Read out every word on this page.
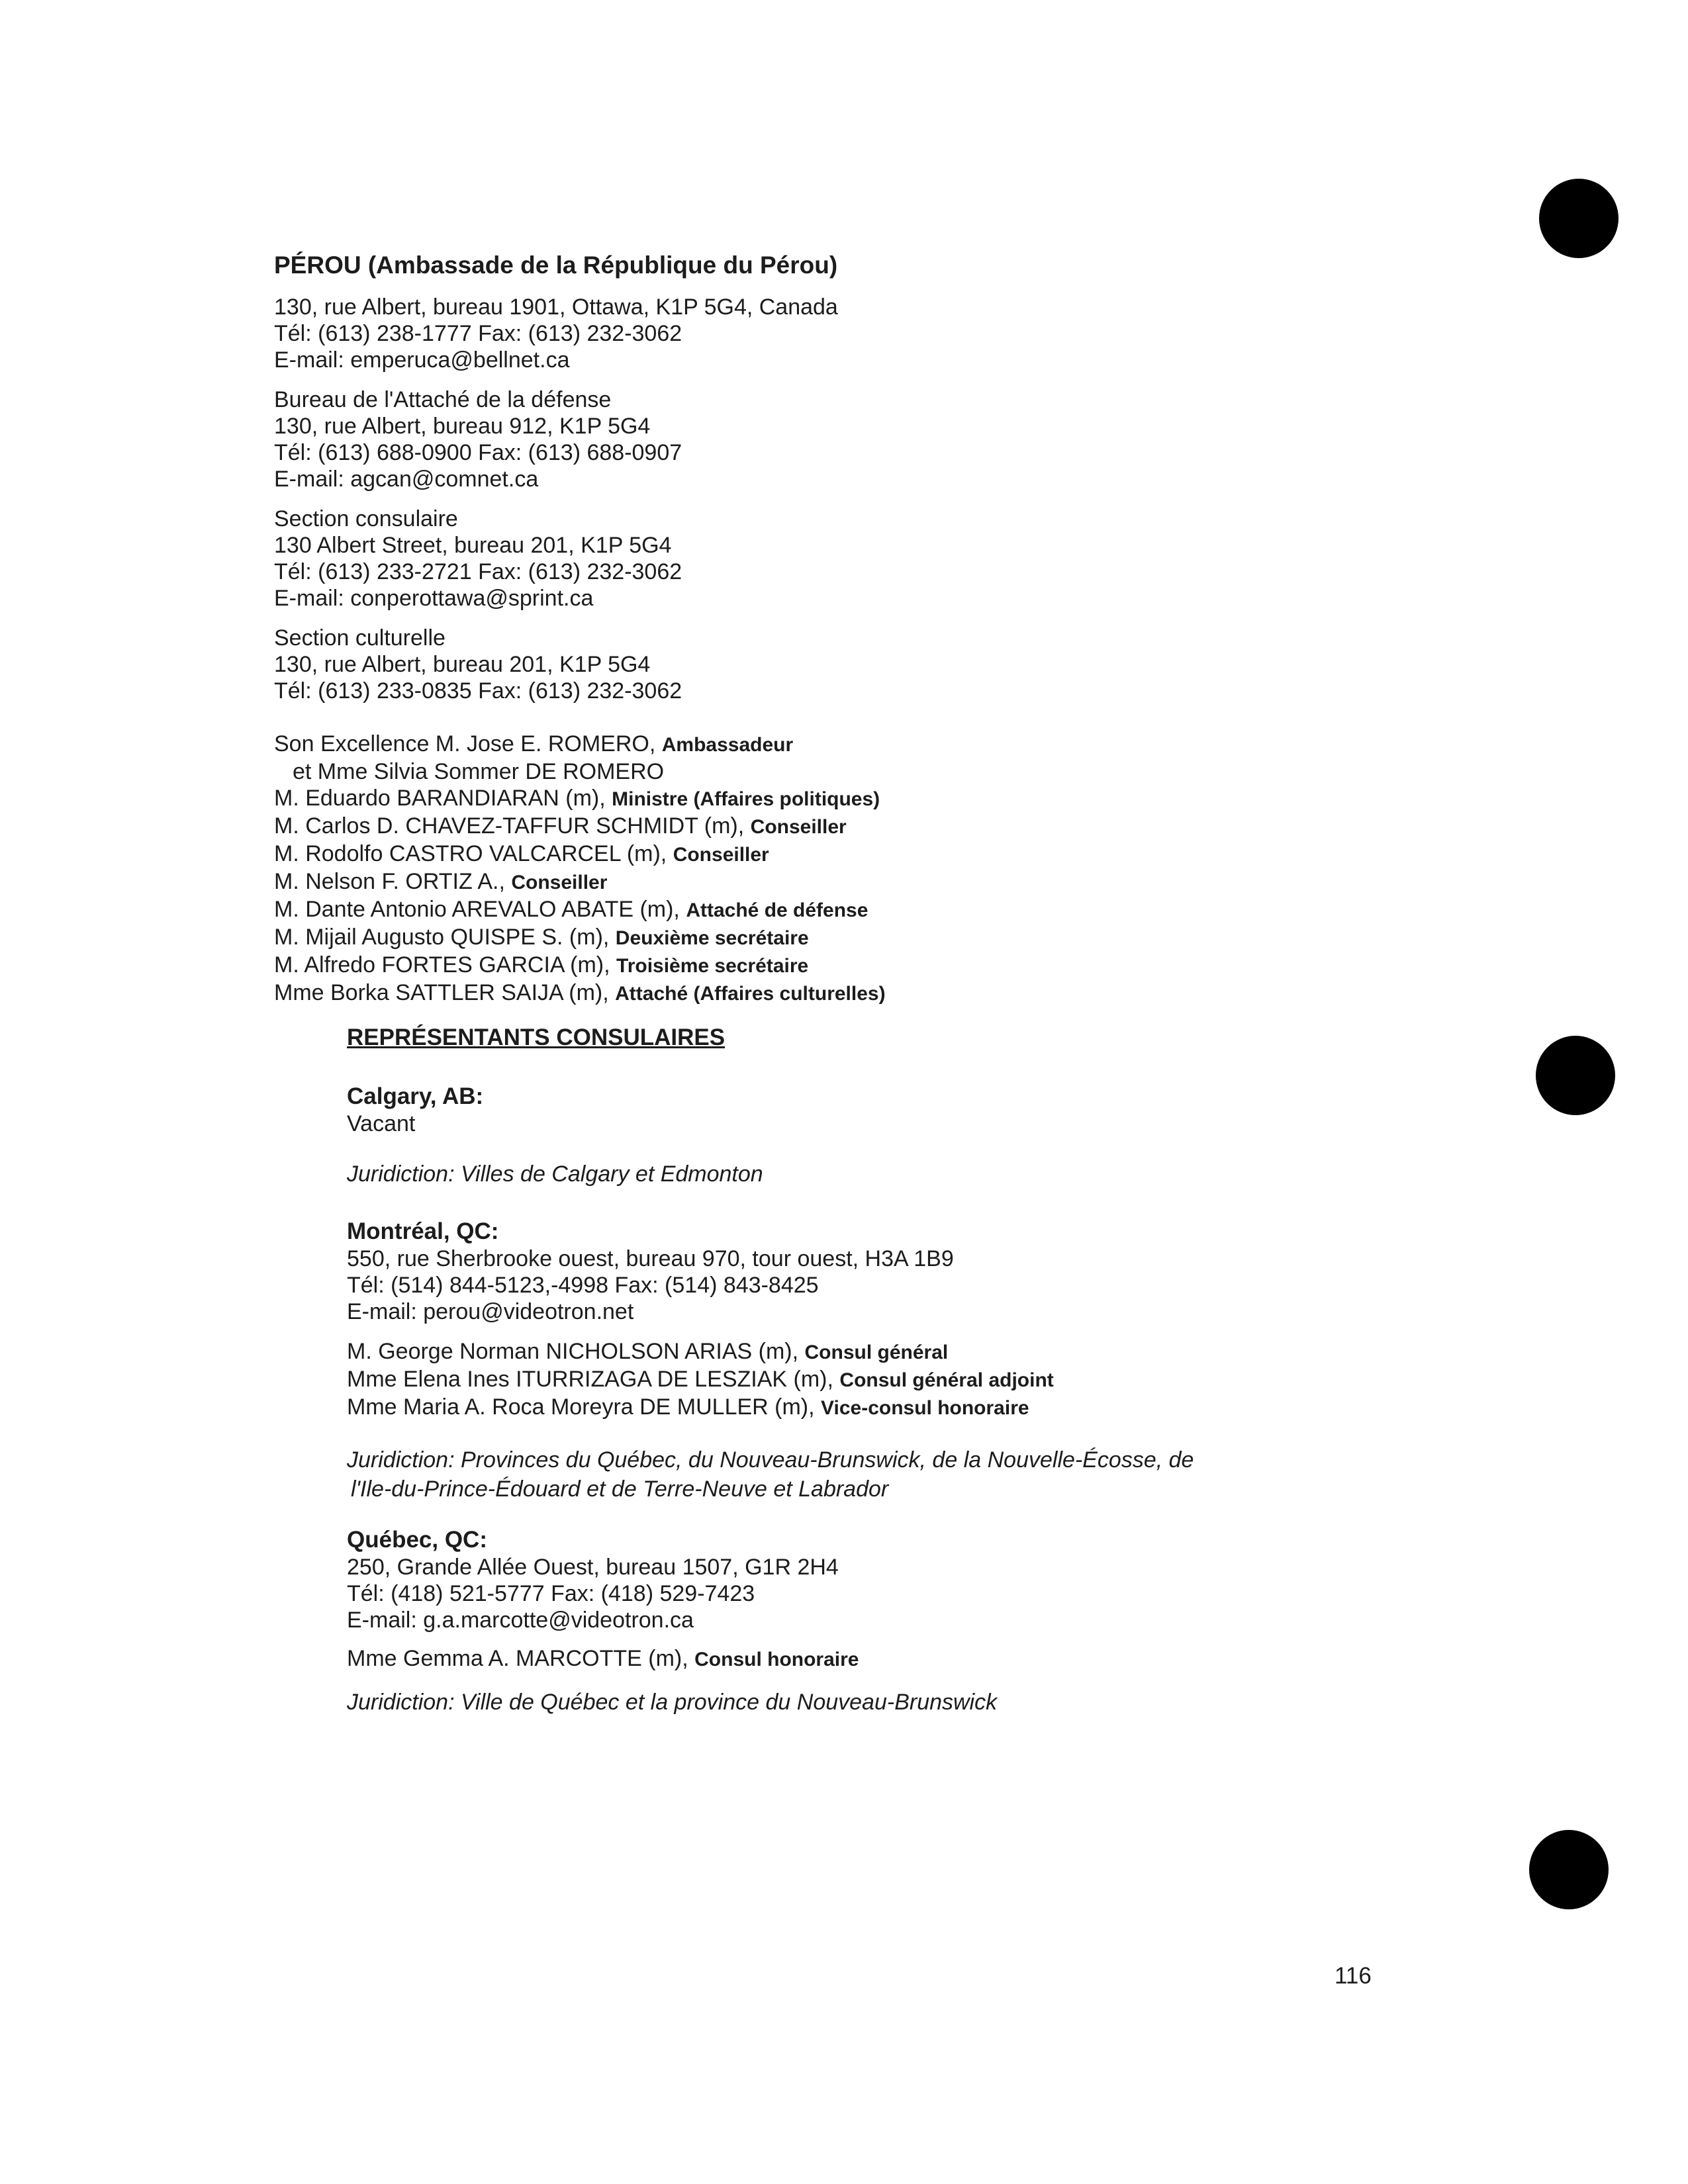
PÉROU (Ambassade de la République du Pérou)
130, rue Albert, bureau 1901, Ottawa, K1P 5G4, Canada
Tél: (613) 238-1777 Fax: (613) 232-3062
E-mail: emperuca@bellnet.ca
Bureau de l'Attaché de la défense
130, rue Albert, bureau 912, K1P 5G4
Tél: (613) 688-0900 Fax: (613) 688-0907
E-mail: agcan@comnet.ca
Section consulaire
130 Albert Street, bureau 201, K1P 5G4
Tél: (613) 233-2721 Fax: (613) 232-3062
E-mail: conperottawa@sprint.ca
Section culturelle
130, rue Albert, bureau 201, K1P 5G4
Tél: (613) 233-0835 Fax: (613) 232-3062
Son Excellence M. Jose E. ROMERO, Ambassadeur
et Mme Silvia Sommer DE ROMERO
M. Eduardo BARANDIARAN (m), Ministre (Affaires politiques)
M. Carlos D. CHAVEZ-TAFFUR SCHMIDT (m), Conseiller
M. Rodolfo CASTRO VALCARCEL (m), Conseiller
M. Nelson F. ORTIZ A., Conseiller
M. Dante Antonio AREVALO ABATE (m), Attaché de défense
M. Mijail Augusto QUISPE S. (m), Deuxième secrétaire
M. Alfredo FORTES GARCIA (m), Troisième secrétaire
Mme Borka SATTLER SAIJA (m), Attaché (Affaires culturelles)
REPRÉSENTANTS CONSULAIRES
Calgary, AB:
Vacant
Juridiction: Villes de Calgary et Edmonton
Montréal, QC:
550, rue Sherbrooke ouest, bureau 970, tour ouest, H3A 1B9
Tél: (514) 844-5123,-4998 Fax: (514) 843-8425
E-mail: perou@videotron.net
M. George Norman NICHOLSON ARIAS (m), Consul général
Mme Elena Ines ITURRIZAGA DE LESZIAK (m), Consul général adjoint
Mme Maria A. Roca Moreyra DE MULLER (m), Vice-consul honoraire
Juridiction: Provinces du Québec, du Nouveau-Brunswick, de la Nouvelle-Écosse, de
l'Ile-du-Prince-Édouard et de Terre-Neuve et Labrador
Québec, QC:
250, Grande Allée Ouest, bureau 1507, G1R 2H4
Tél: (418) 521-5777 Fax: (418) 529-7423
E-mail: g.a.marcotte@videotron.ca
Mme Gemma A. MARCOTTE (m), Consul honoraire
Juridiction: Ville de Québec et la province du Nouveau-Brunswick
116
